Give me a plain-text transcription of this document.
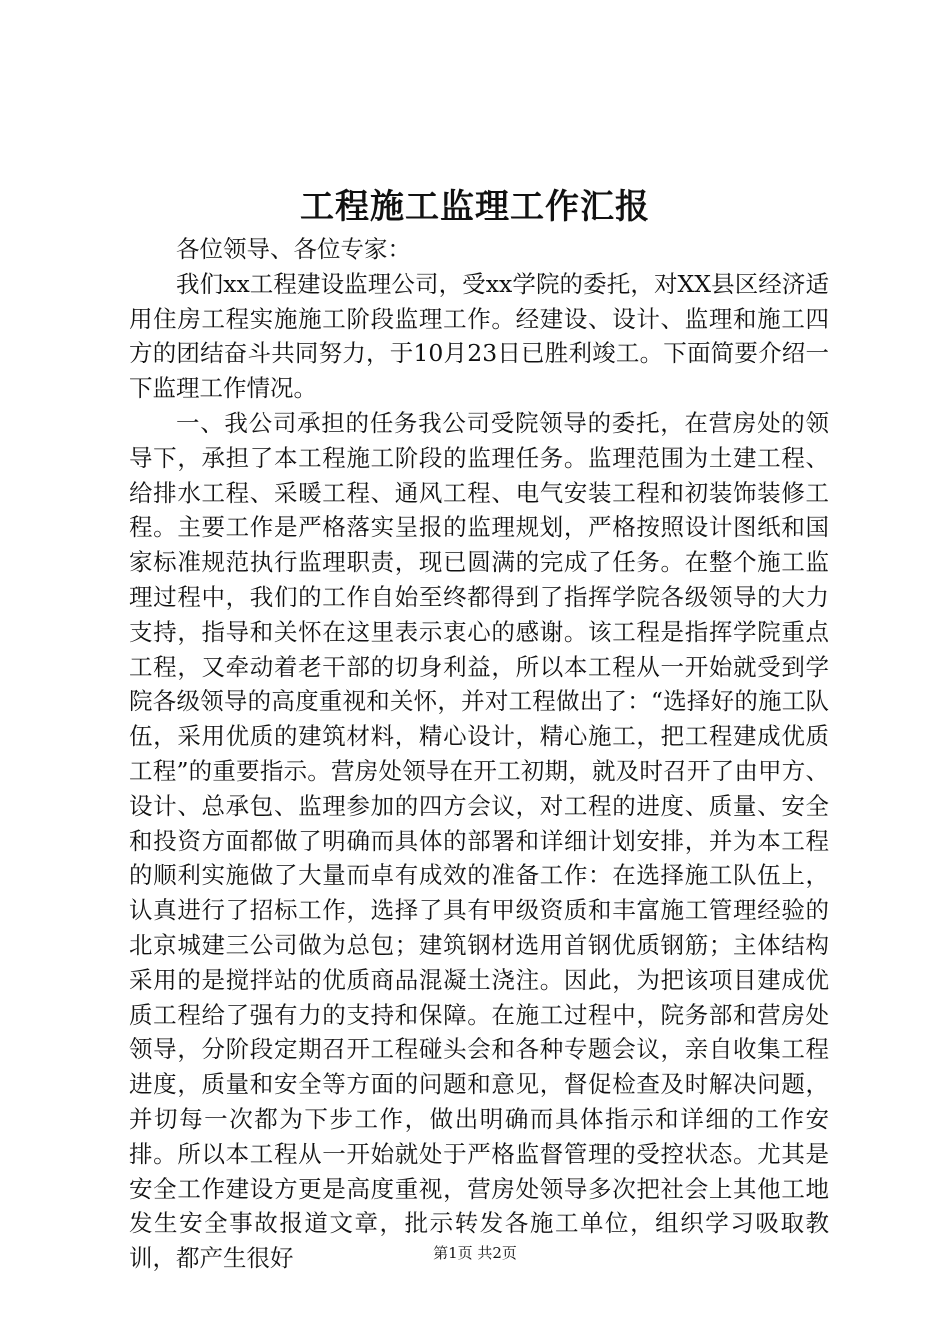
工程施工监理工作汇报

各位领导、各位专家：

我们xx工程建设监理公司，受xx学院的委托，对XX县区经济适用住房工程实施施工阶段监理工作。经建设、设计、监理和施工四方的团结奋斗共同努力，于10月23日已胜利竣工。下面简要介绍一下监理工作情况。

一、我公司承担的任务我公司受院领导的委托，在营房处的领导下，承担了本工程施工阶段的监理任务。监理范围为土建工程、给排水工程、采暖工程、通风工程、电气安装工程和初装饰装修工程。主要工作是严格落实呈报的监理规划，严格按照设计图纸和国家标准规范执行监理职责，现已圆满的完成了任务。在整个施工监理过程中，我们的工作自始至终都得到了指挥学院各级领导的大力支持，指导和关怀在这里表示衷心的感谢。该工程是指挥学院重点工程，又牵动着老干部的切身利益，所以本工程从一开始就受到学院各级领导的高度重视和关怀，并对工程做出了：“选择好的施工队伍，采用优质的建筑材料，精心设计，精心施工，把工程建成优质工程”的重要指示。营房处领导在开工初期，就及时召开了由甲方、设计、总承包、监理参加的四方会议，对工程的进度、质量、安全和投资方面都做了明确而具体的部署和详细计划安排，并为本工程的顺利实施做了大量而卓有成效的准备工作：在选择施工队伍上，认真进行了招标工作，选择了具有甲级资质和丰富施工管理经验的北京城建三公司做为总包；建筑钢材选用首钢优质钢筋；主体结构采用的是搅拌站的优质商品混凝土浇注。因此，为把该项目建成优质工程给了强有力的支持和保障。在施工过程中，院务部和营房处领导，分阶段定期召开工程碰头会和各种专题会议，亲自收集工程进度，质量和安全等方面的问题和意见，督促检查及时解决问题，并切每一次都为下步工作，做出明确而具体指示和详细的工作安排。所以本工程从一开始就处于严格监督管理的受控状态。尤其是安全工作建设方更是高度重视，营房处领导多次把社会上其他工地发生安全事故报道文章，批示转发各施工单位，组织学习吸取教训，都产生很好	第1页 共2页
